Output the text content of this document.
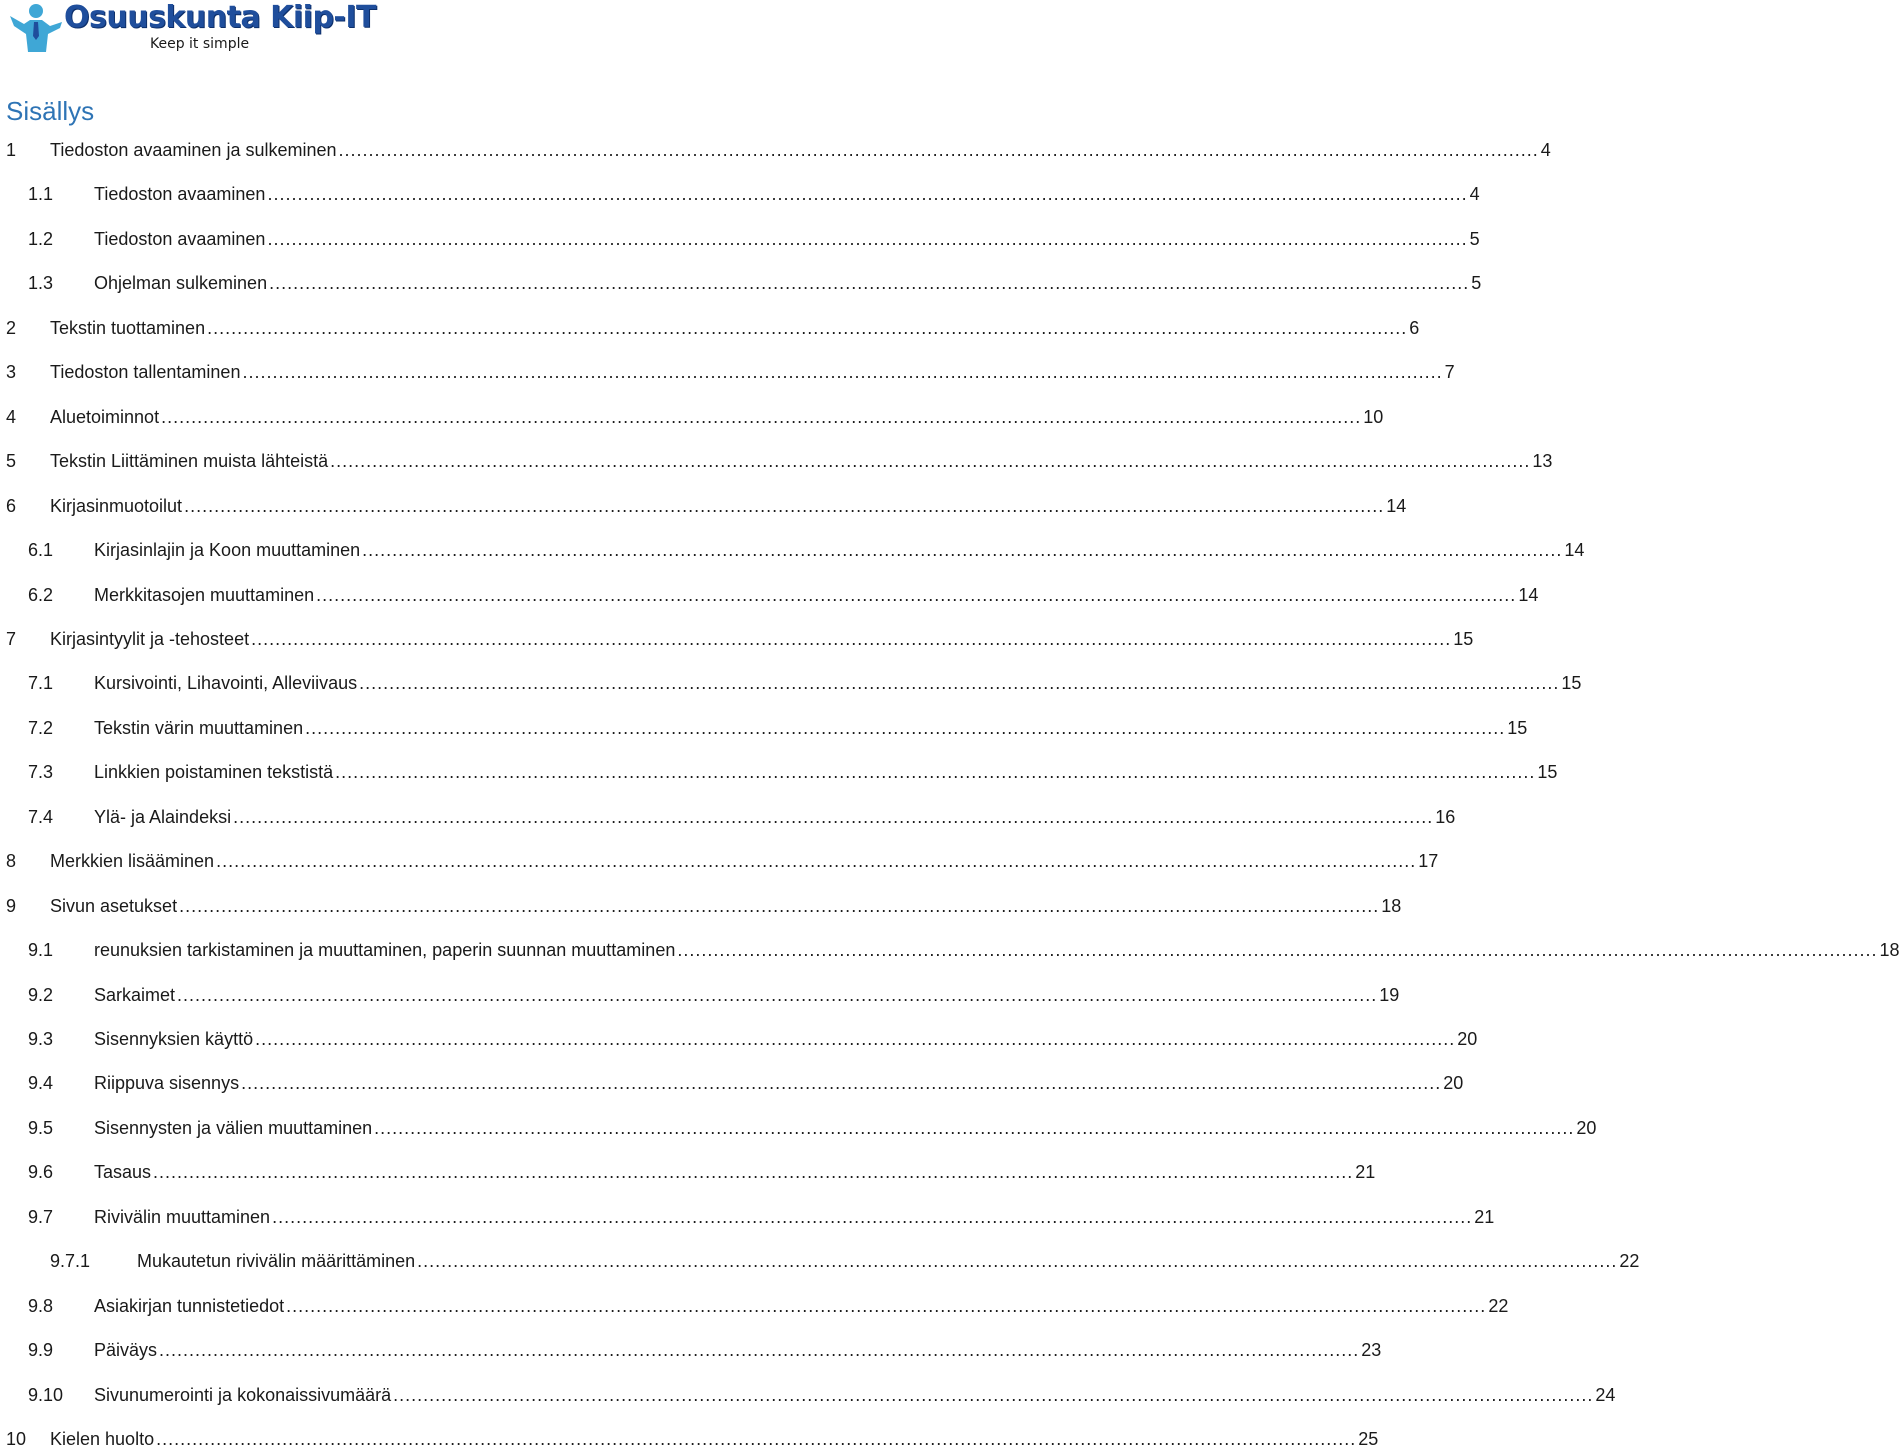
Osuuskunta Kiip-IT
Keep it simple
Sisällys
1 Tiedoston avaaminen ja sulkeminen ........................................................................................................................................................................................................ 4
1.1 Tiedoston avaaminen ........................................................................................................................................................................................................ 4
1.2 Tiedoston avaaminen ........................................................................................................................................................................................................ 5
1.3 Ohjelman sulkeminen ........................................................................................................................................................................................................ 5
2 Tekstin tuottaminen ........................................................................................................................................................................................................ 6
3 Tiedoston tallentaminen ........................................................................................................................................................................................................ 7
4 Aluetoiminnot ........................................................................................................................................................................................................ 10
5 Tekstin Liittäminen muista lähteistä ........................................................................................................................................................................................................ 13
6 Kirjasinmuotoilut ........................................................................................................................................................................................................ 14
6.1 Kirjasinlajin ja Koon muuttaminen ........................................................................................................................................................................................................ 14
6.2 Merkkitasojen muuttaminen ........................................................................................................................................................................................................ 14
7 Kirjasintyylit ja -tehosteet ........................................................................................................................................................................................................ 15
7.1 Kursivointi, Lihavointi, Alleviivaus ........................................................................................................................................................................................................ 15
7.2 Tekstin värin muuttaminen ........................................................................................................................................................................................................ 15
7.3 Linkkien poistaminen tekstistä ........................................................................................................................................................................................................ 15
7.4 Ylä- ja Alaindeksi ........................................................................................................................................................................................................ 16
8 Merkkien lisääminen ........................................................................................................................................................................................................ 17
9 Sivun asetukset ........................................................................................................................................................................................................ 18
9.1 reunuksien tarkistaminen ja muuttaminen, paperin suunnan muuttaminen ........................................................................................................................................................................................................ 18
9.2 Sarkaimet ........................................................................................................................................................................................................ 19
9.3 Sisennyksien käyttö ........................................................................................................................................................................................................ 20
9.4 Riippuva sisennys ........................................................................................................................................................................................................ 20
9.5 Sisennysten ja välien muuttaminen ........................................................................................................................................................................................................ 20
9.6 Tasaus ........................................................................................................................................................................................................ 21
9.7 Rivivälin muuttaminen ........................................................................................................................................................................................................ 21
9.7.1	Mukautetun rivivälin määrittäminen ........................................................................................................................................................................................................ 22
9.8 Asiakirjan tunnistetiedot ........................................................................................................................................................................................................ 22
9.9 Päiväys ........................................................................................................................................................................................................ 23
9.10 Sivunumerointi ja kokonaissivumäärä ........................................................................................................................................................................................................ 24
10 Kielen huolto ........................................................................................................................................................................................................ 25
